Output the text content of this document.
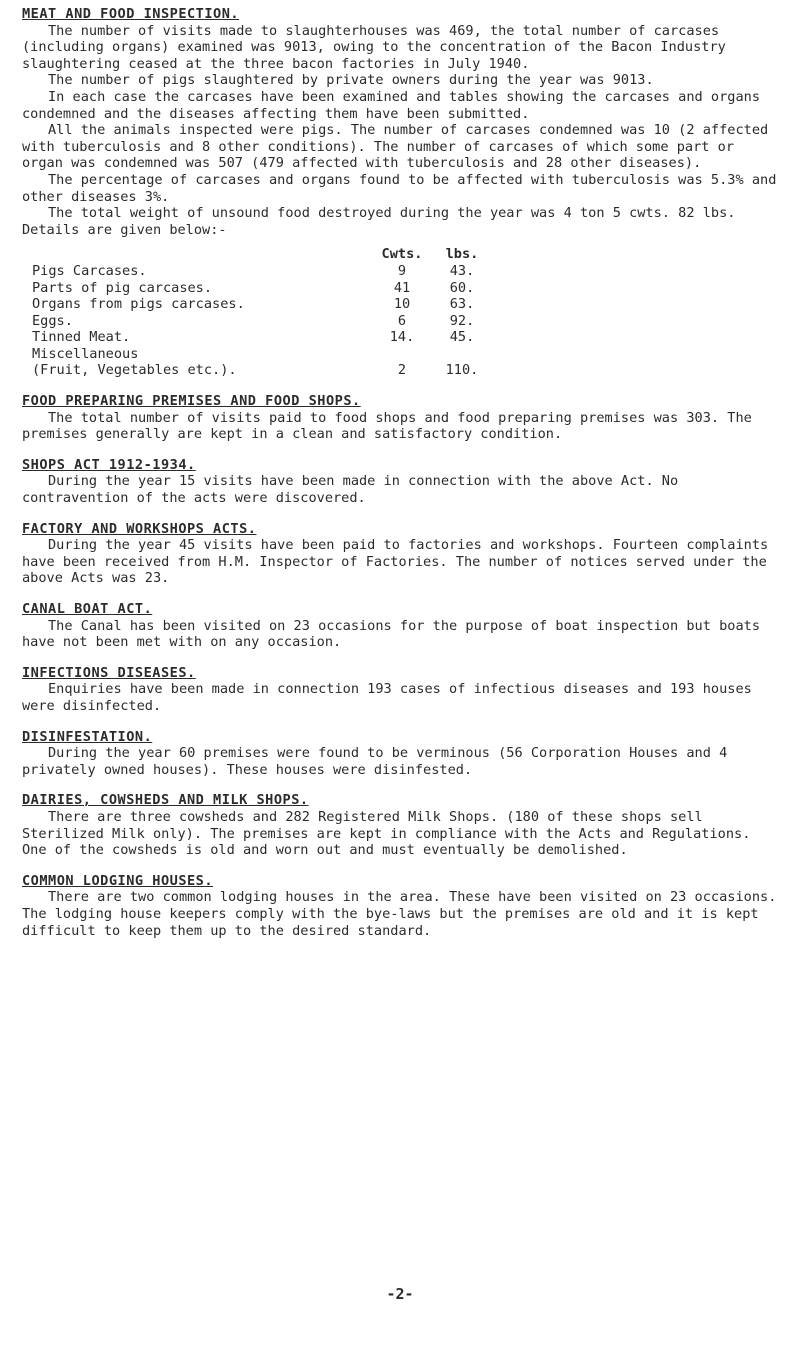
MEAT AND FOOD INSPECTION.

The number of visits made to slaughterhouses was 469, the total number of carcases (including organs) examined was 9013, owing to the concentration of the Bacon Industry slaughtering ceased at the three bacon factories in July 1940.

The number of pigs slaughtered by private owners during the year was 9013.

In each case the carcases have been examined and tables showing the carcases and organs condemned and the diseases affecting them have been submitted.

All the animals inspected were pigs. The number of carcases condemned was 10 (2 affected with tuberculosis and 8 other conditions). The number of carcases of which some part or organ was condemned was 507 (479 affected with tuberculosis and 28 other diseases).

The percentage of carcases and organs found to be affected with tuberculosis was 5.3% and other diseases 3%.

The total weight of unsound food destroyed during the year was 4 ton 5 cwts. 82 lbs. Details are given below:-

Cwts.	lbs.
Pigs Carcases.	9	43.
Parts of pig carcases.	41	60.
Organs from pigs carcases.	10	63.
Eggs.	6	92.
Tinned Meat.	14.	45.
Miscellaneous
(Fruit, Vegetables etc.).	2	110.
FOOD PREPARING PREMISES AND FOOD SHOPS.

The total number of visits paid to food shops and food preparing premises was 303. The premises generally are kept in a clean and satisfactory condition.

SHOPS ACT 1912-1934.

During the year 15 visits have been made in connection with the above Act. No contravention of the acts were discovered.

FACTORY AND WORKSHOPS ACTS.

During the year 45 visits have been paid to factories and workshops. Fourteen complaints have been received from H.M. Inspector of Factories. The number of notices served under the above Acts was 23.

CANAL BOAT ACT.

The Canal has been visited on 23 occasions for the purpose of boat inspection but boats have not been met with on any occasion.

INFECTIONS DISEASES.

Enquiries have been made in connection 193 cases of infectious diseases and 193 houses were disinfected.

DISINFESTATION.

During the year 60 premises were found to be verminous (56 Corporation Houses and 4 privately owned houses). These houses were disinfested.

DAIRIES, COWSHEDS AND MILK SHOPS.

There are three cowsheds and 282 Registered Milk Shops. (180 of these shops sell Sterilized Milk only). The premises are kept in compliance with the Acts and Regulations. One of the cowsheds is old and worn out and must eventually be demolished.

COMMON LODGING HOUSES.

There are two common lodging houses in the area. These have been visited on 23 occasions. The lodging house keepers comply with the bye-laws but the premises are old and it is kept difficult to keep them up to the desired standard.

-2-
